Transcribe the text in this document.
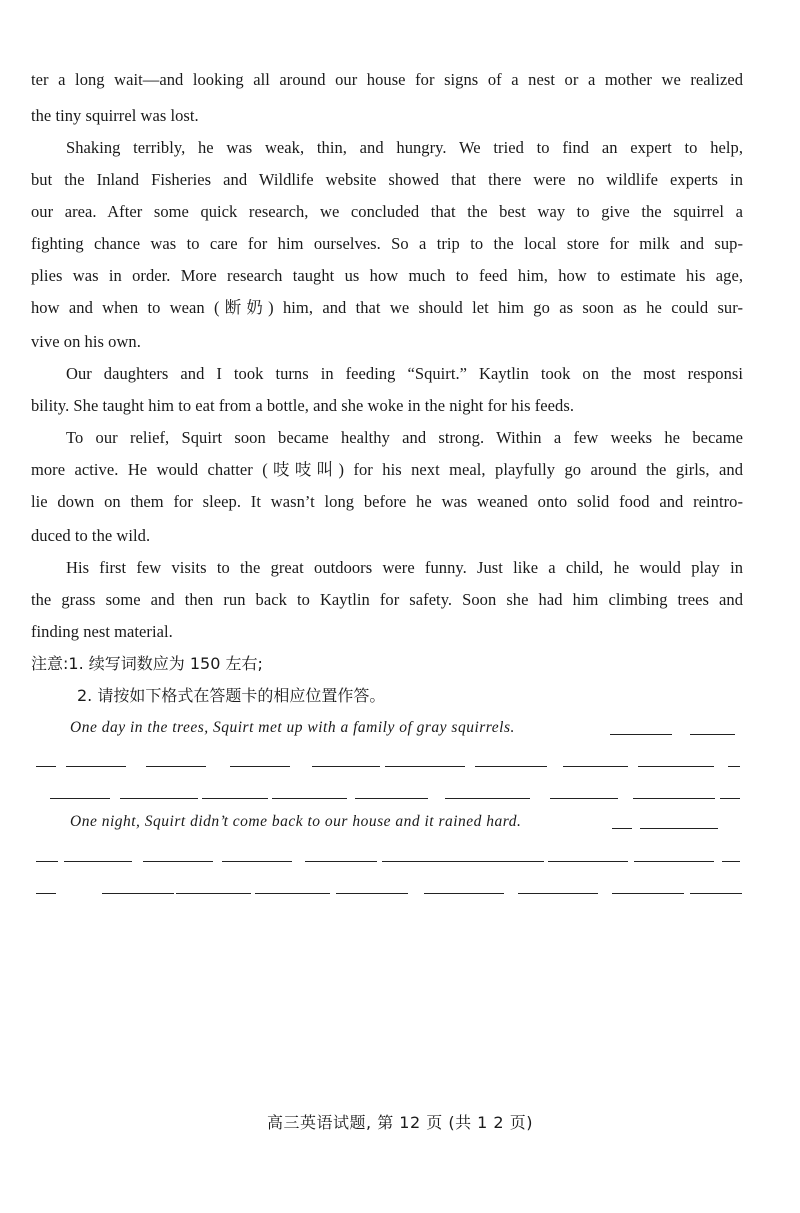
ter a long wait—and looking all around our house for signs of a nest or a mother we realized
the tiny squirrel was lost.
Shaking terribly, he was weak, thin, and hungry. We tried to find an expert to help,
but the Inland Fisheries and Wildlife website showed that there were no wildlife experts in
our area. After some quick research, we concluded that the best way to give the squirrel a
fighting chance was to care for him ourselves. So a trip to the local store for milk and sup-
plies was in order. More research taught us how much to feed him, how to estimate his age,
how and when to wean (断奶) him, and that we should let him go as soon as he could sur-
vive on his own.
Our daughters and I took turns in feeding “Squirt.” Kaytlin took on the most responsi
bility. She taught him to eat from a bottle, and she woke in the night for his feeds.
To our relief, Squirt soon became healthy and strong. Within a few weeks he became
more active. He would chatter (吱吱叫) for his next meal, playfully go around the girls, and
lie down on them for sleep. It wasn’t long before he was weaned onto solid food and reintro-
duced to the wild.
His first few visits to the great outdoors were funny. Just like a child, he would play in
the grass some and then run back to Kaytlin for safety. Soon she had him climbing trees and
finding nest material.
注意:1. 续写词数应为 150 左右;
2. 请按如下格式在答题卡的相应位置作答。
One day in the trees, Squirt met up with a family of gray squirrels.
One night, Squirt didn’t come back to our house and it rained hard.
高三英语试题, 第 12 页 (共 1 2 页)
